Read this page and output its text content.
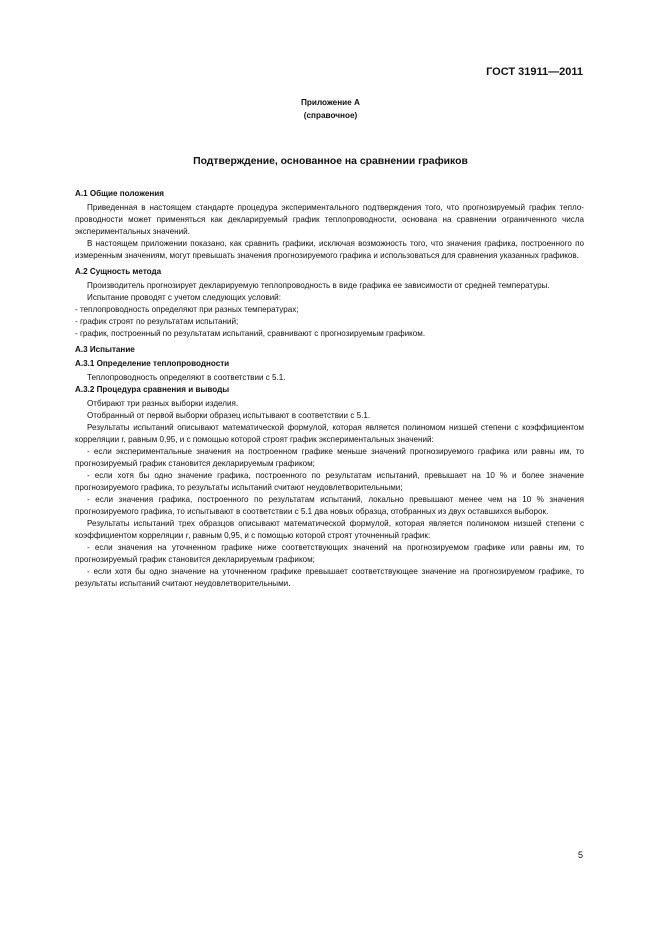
ГОСТ 31911—2011
Приложение А
(справочное)
Подтверждение, основанное на сравнении графиков

А.1 Общие положения

Приведенная в настоящем стандарте процедура экспериментального подтверждения того, что прогнозируемый график тепло- проводности может применяться как декларируемый график теплопроводности, основана на сравнении ограниченного числа экспериментальных значений.

В настоящем приложении показано, как сравнить графики, исключая возможность того, что значения графика, построенного по измеренным значениям, могут превышать значения прогнозируемого графика и использоваться для сравнения указанных графиков.

А.2 Сущность метода

Производитель прогнозирует декларируемую теплопроводность в виде графика ее зависимости от средней температуры.

Испытание проводят с учетом следующих условий:

- теплопроводность определяют при разных температурах;

- график строят по результатам испытаний;

- график, построенный по результатам испытаний, сравнивают с прогнозируемым графиком.

А.3 Испытание

А.3.1 Определение теплопроводности

Теплопроводность определяют в соответствии с 5.1.

А.3.2 Процедура сравнения и выводы

Отбирают три разных выборки изделия.

Отобранный от первой выборки образец испытывают в соответствии с 5.1.

Результаты испытаний описывают математической формулой, которая является полиномом низшей степени с коэффициентом корреляции r, равным 0,95, и с помощью которой строят график экспериментальных значений:

- если экспериментальные значения на построенном графике меньше значений прогнозируемого графика или равны им, то прогнозируемый график становится декларируемым графиком;

- если хотя бы одно значение графика, построенного по результатам испытаний, превышает на 10 % и более значение прогнозируемого графика, то результаты испытаний считают неудовлетворительными;

- если значения графика, построенного по результатам испытаний, локально превышают менее чем на 10 % значения прогнозируемого графика, то испытывают в соответствии с 5.1 два новых образца, отобранных из двух оставшихся выборок.

Результаты испытаний трех образцов описывают математической формулой, которая является полиномом низшей степени с коэффициентом корреляции r, равным 0,95, и с помощью которой строят уточненный график:

- если значения на уточненном графике ниже соответствующих значений на прогнозируемом графике или равны им, то прогнозируемый график становится декларируемым графиком;

- если хотя бы одно значение на уточненном графике превышает соответствующее значение на прогнозируемом графике, то результаты испытаний считают неудовлетворительными.

5
